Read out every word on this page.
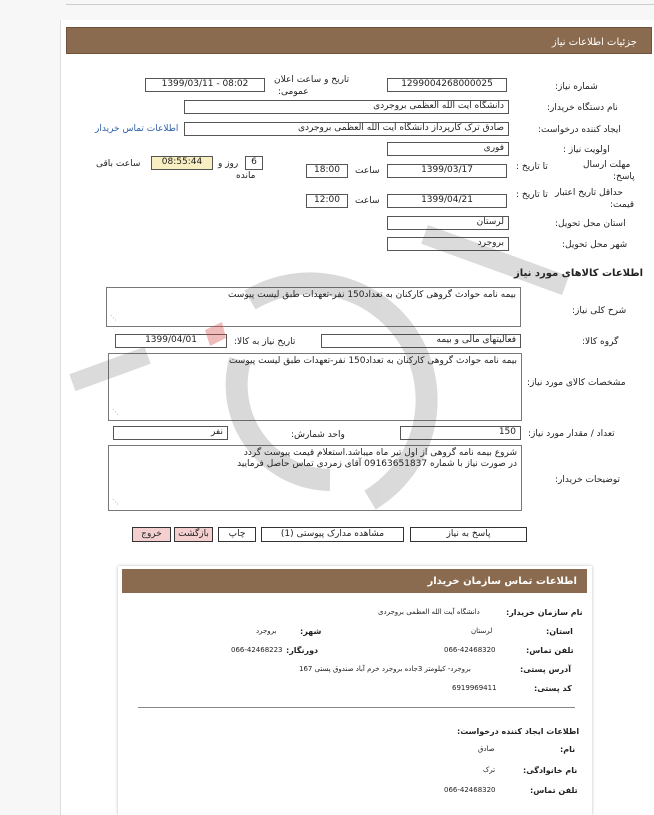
جزئیات اطلاعات نیاز
شماره نیاز:
1299004268000025
تاریخ و ساعت اعلان
عمومی:
1399/03/11 - 08:02
نام دستگاه خریدار:
دانشگاه آیت الله العظمی بروجردی
ایجاد کننده درخواست:
صادق ترک کارپرداز دانشگاه آیت الله العظمی بروجردی
اطلاعات تماس خریدار
اولویت نیاز :
فوری
مهلت ارسال
پاسخ:
تا تاریخ :
1399/03/17
ساعت
18:00
6
روز و
مانده
08:55:44
ساعت باقی
حداقل تاریخ اعتبار
قیمت:
تا تاریخ :
1399/04/21
ساعت
12:00
استان محل تحویل:
لرستان
شهر محل تحویل:
بروجرد
اطلاعات کالاهای مورد نیاز
شرح کلی نیاز:
بیمه نامه حوادث گروهی کارکنان به تعداد150 نفر-تعهدات طبق لیست پیوست
⋰
گروه کالا:
فعالیتهای مالی و بیمه
تاریخ نیاز به کالا:
1399/04/01
مشخصات کالای مورد نیاز:
بیمه نامه حوادث گروهی کارکنان به تعداد150 نفر-تعهدات طبق لیست پیوست
⋰
تعداد / مقدار مورد نیاز:
150
واحد شمارش:
نفر
توضیحات خریدار:
شروع بیمه نامه گروهی از اول تیر ماه میباشد.استعلام قیمت پیوست گردد
در صورت نیاز با شماره 09163651837 آقای زمردی تماس حاصل فرمایید
⋰
پاسخ به نیاز
مشاهده مدارک پیوستی (1)
چاپ
بازگشت
خروج
اطلاعات تماس سازمان خریدار
نام سازمان خریدار:
دانشگاه آیت الله العظمی بروجردی
استان:
لرستان
شهر:
بروجرد
تلفن تماس:
066-42468320
دورنگار:
066-42468223
آدرس پستی:
بروجرد- کیلومتر 3جاده بروجرد خرم آباد صندوق پستی 167
کد پستی:
6919969411
اطلاعات ایجاد کننده درخواست:
نام:
صادق
نام خانوادگی:
ترک
تلفن تماس:
066-42468320
